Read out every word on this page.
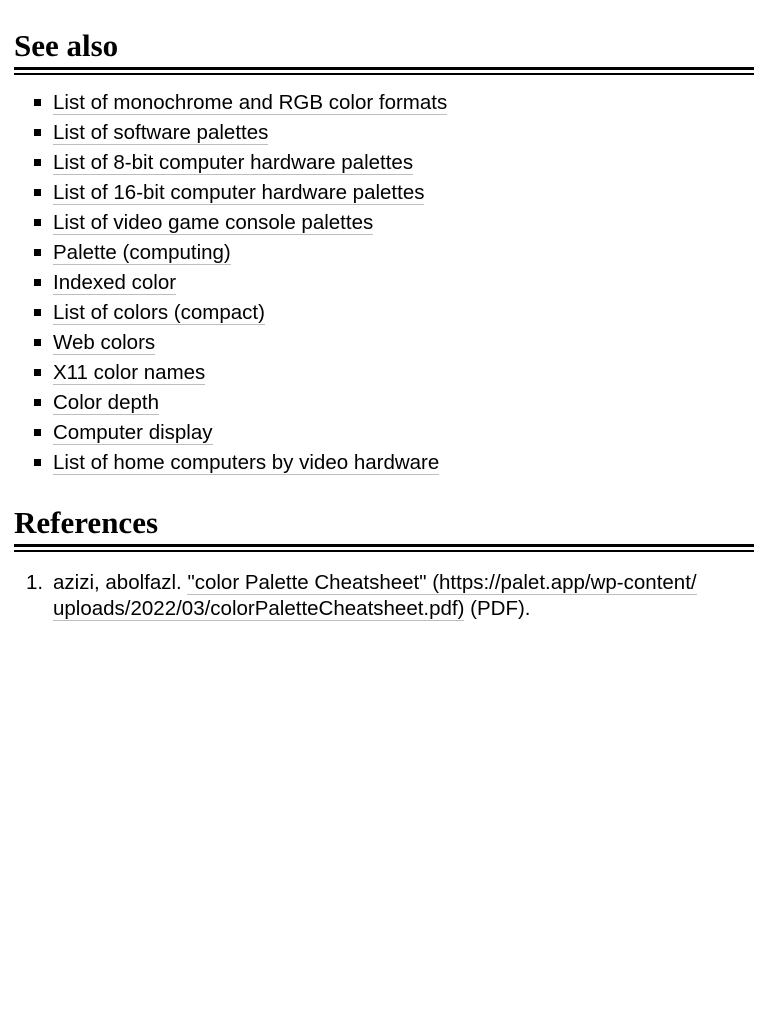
See also
List of monochrome and RGB color formats
List of software palettes
List of 8-bit computer hardware palettes
List of 16-bit computer hardware palettes
List of video game console palettes
Palette (computing)
Indexed color
List of colors (compact)
Web colors
X11 color names
Color depth
Computer display
List of home computers by video hardware
References
1. azizi, abolfazl. "color Palette Cheatsheet" (https://palet.app/wp-content/
uploads/2022/03/colorPaletteCheatsheet.pdf) (PDF).
